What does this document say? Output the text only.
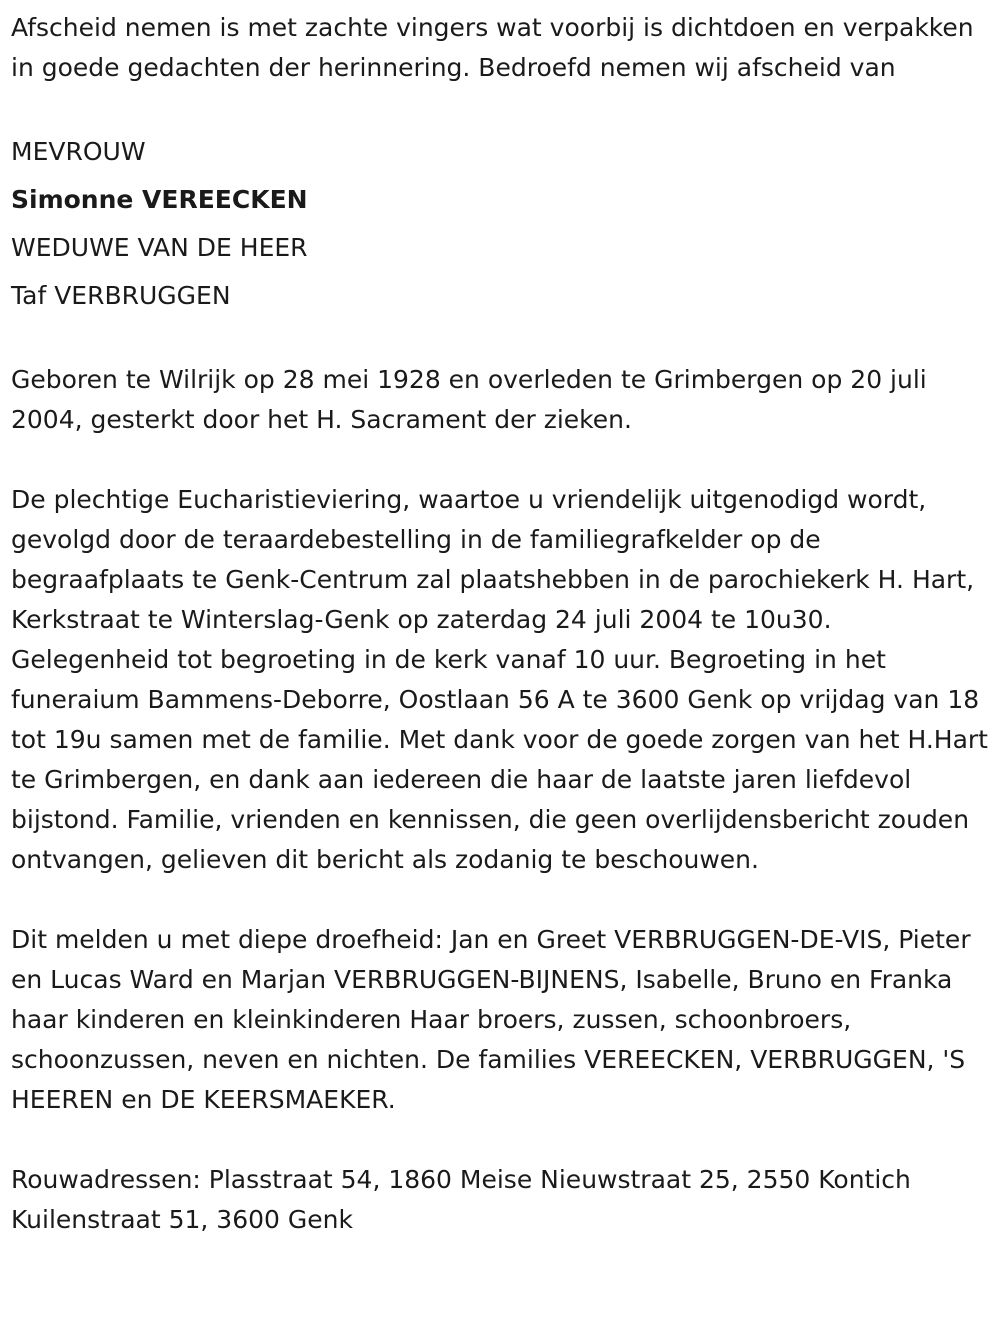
Afscheid nemen is met zachte vingers wat voorbij is dichtdoen en verpakken in goede gedachten der herinnering. Bedroefd nemen wij afscheid van

MEVROUW

Simonne VEREECKEN

WEDUWE VAN DE HEER

Taf VERBRUGGEN

Geboren te Wilrijk op 28 mei 1928 en overleden te Grimbergen op 20 juli 2004, gesterkt door het H. Sacrament der zieken.

De plechtige Eucharistieviering, waartoe u vriendelijk uitgenodigd wordt, gevolgd door de teraardebestelling in de familiegrafkelder op de begraafplaats te Genk-Centrum zal plaatshebben in de parochiekerk H. Hart, Kerkstraat te Winterslag-Genk op zaterdag 24 juli 2004 te 10u30. Gelegenheid tot begroeting in de kerk vanaf 10 uur. Begroeting in het funeraium Bammens-Deborre, Oostlaan 56 A te 3600 Genk op vrijdag van 18 tot 19u samen met de familie. Met dank voor de goede zorgen van het H.Hart te Grimbergen, en dank aan iedereen die haar de laatste jaren liefdevol bijstond. Familie, vrienden en kennissen, die geen overlijdensbericht zouden ontvangen, gelieven dit bericht als zodanig te beschouwen.

Dit melden u met diepe droefheid: Jan en Greet VERBRUGGEN-DE-VIS, Pieter en Lucas Ward en Marjan VERBRUGGEN-BIJNENS, Isabelle, Bruno en Franka haar kinderen en kleinkinderen Haar broers, zussen, schoonbroers, schoonzussen, neven en nichten. De families VEREECKEN, VERBRUGGEN, 'S HEEREN en DE KEERSMAEKER.

Rouwadressen: Plasstraat 54, 1860 Meise Nieuwstraat 25, 2550 Kontich Kuilenstraat 51, 3600 Genk
